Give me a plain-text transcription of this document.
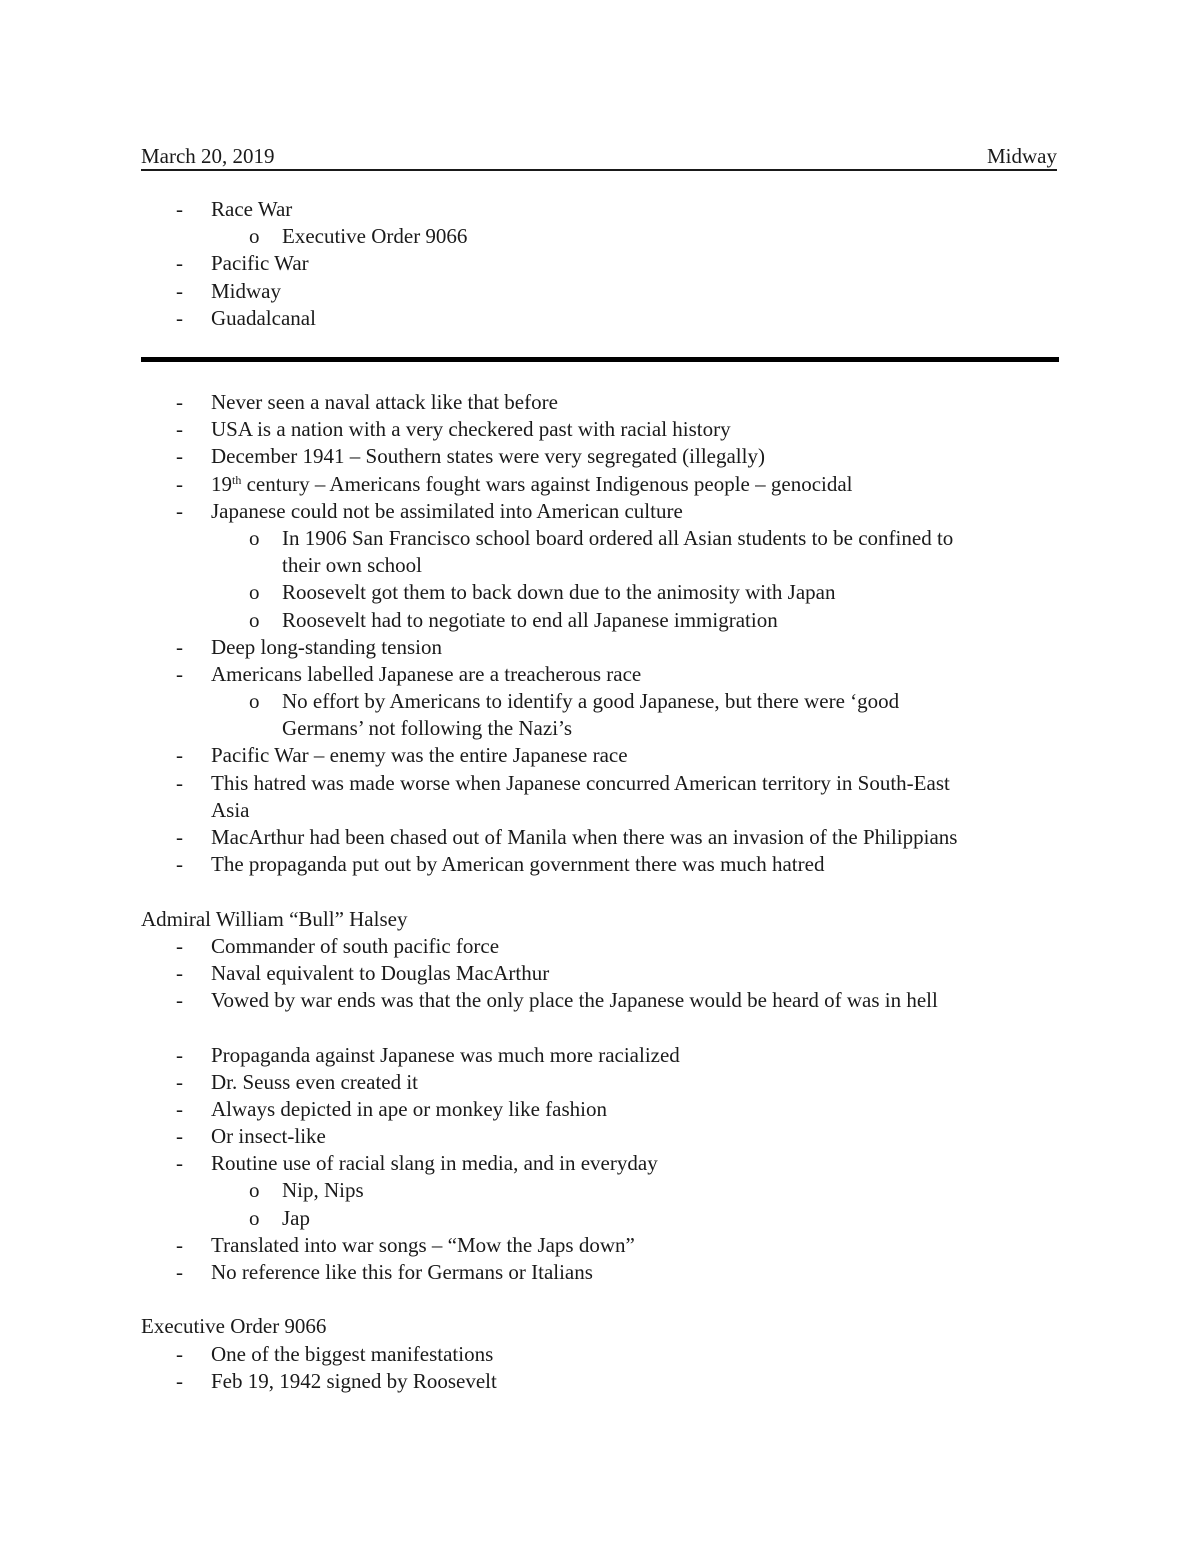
March 20, 2019	Midway
- Race War
o Executive Order 9066
- Pacific War
- Midway
- Guadalcanal
- Never seen a naval attack like that before
- USA is a nation with a very checkered past with racial history
- December 1941 – Southern states were very segregated (illegally)
- 19th century – Americans fought wars against Indigenous people – genocidal
- Japanese could not be assimilated into American culture
o In 1906 San Francisco school board ordered all Asian students to be confined to
their own school
o Roosevelt got them to back down due to the animosity with Japan
o Roosevelt had to negotiate to end all Japanese immigration
- Deep long-standing tension
- Americans labelled Japanese are a treacherous race
o No effort by Americans to identify a good Japanese, but there were ‘good
Germans’ not following the Nazi’s
- Pacific War – enemy was the entire Japanese race
- This hatred was made worse when Japanese concurred American territory in South-East
Asia
- MacArthur had been chased out of Manila when there was an invasion of the Philippians
- The propaganda put out by American government there was much hatred
Admiral William “Bull” Halsey
- Commander of south pacific force
- Naval equivalent to Douglas MacArthur
- Vowed by war ends was that the only place the Japanese would be heard of was in hell
- Propaganda against Japanese was much more racialized
- Dr. Seuss even created it
- Always depicted in ape or monkey like fashion
- Or insect-like
- Routine use of racial slang in media, and in everyday
o Nip, Nips
o Jap
- Translated into war songs – “Mow the Japs down”
- No reference like this for Germans or Italians
Executive Order 9066
- One of the biggest manifestations
- Feb 19, 1942 signed by Roosevelt
